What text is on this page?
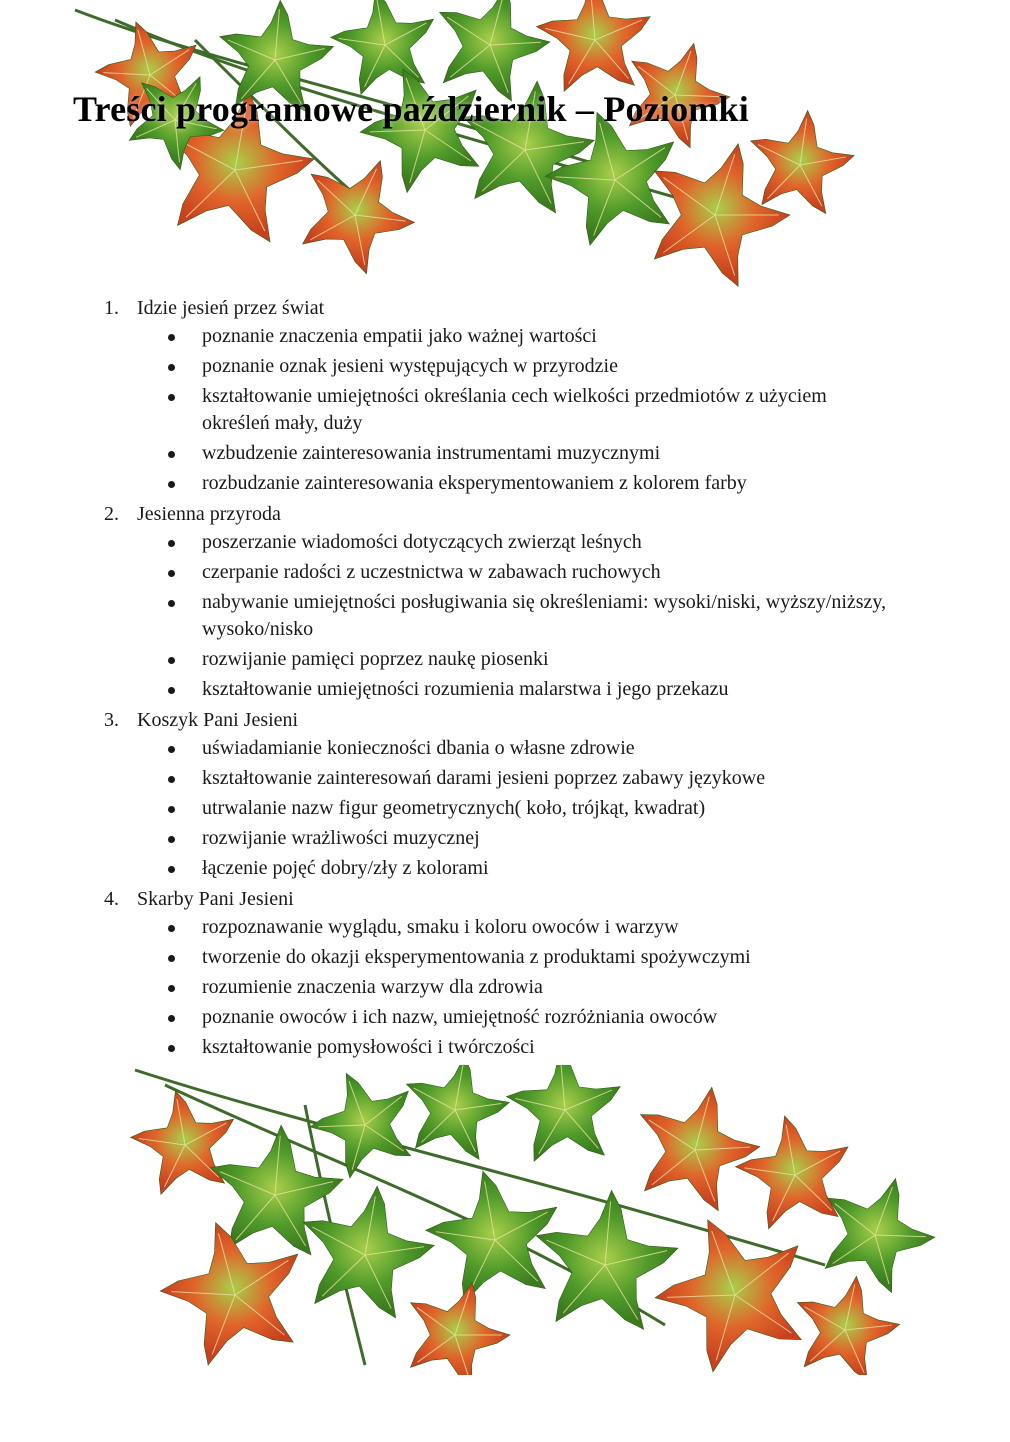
Treści programowe październik – Poziomki
1. Idzie jesień przez świat
poznanie znaczenia empatii jako ważnej wartości
poznanie oznak jesieni występujących w przyrodzie
kształtowanie umiejętności określania cech wielkości przedmiotów z użyciem określeń mały, duży
wzbudzenie zainteresowania instrumentami muzycznymi
rozbudzanie zainteresowania eksperymentowaniem z kolorem farby
2. Jesienna przyroda
poszerzanie wiadomości dotyczących zwierząt leśnych
czerpanie radości z uczestnictwa w zabawach ruchowych
nabywanie umiejętności posługiwania się określeniami: wysoki/niski, wyższy/niższy, wysoko/nisko
rozwijanie pamięci poprzez naukę piosenki
kształtowanie umiejętności rozumienia malarstwa i jego przekazu
3. Koszyk Pani Jesieni
uświadamianie konieczności dbania o własne zdrowie
kształtowanie zainteresowań darami jesieni poprzez zabawy językowe
utrwalanie nazw figur geometrycznych( koło, trójkąt, kwadrat)
rozwijanie wrażliwości muzycznej
łączenie pojęć dobry/zły z kolorami
4. Skarby Pani Jesieni
rozpoznawanie wyglądu, smaku i koloru owoców i warzyw
tworzenie do okazji eksperymentowania z produktami spożywczymi
rozumienie znaczenia warzyw dla zdrowia
poznanie owoców i ich nazw, umiejętność rozróżniania owoców
kształtowanie pomysłowości i twórczości
